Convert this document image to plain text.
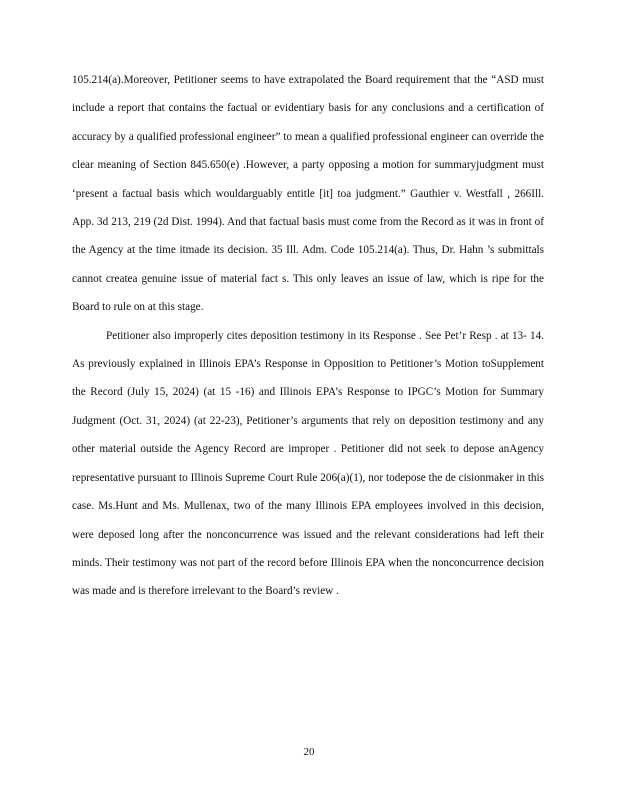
105.214(a).Moreover, Petitioner seems to have extrapolated the Board requirement that the “ASD must include a report that contains the factual or evidentiary basis for any conclusions and a certification of accuracy by a qualified professional engineer” to mean a qualified professional engineer can override the clear meaning of Section 845.650(e) .However, a party opposing a motion for summaryjudgment must ‘present a factual basis which wouldarguably entitle [it] toa judgment.” Gauthier v. Westfall , 266Ill. App. 3d 213, 219 (2d Dist. 1994). And that factual basis must come from the Record as it was in front of the Agency at the time itmade its decision. 35 Ill. Adm. Code 105.214(a). Thus, Dr. Hahn ’s submittals cannot createa genuine issue of material fact s. This only leaves an issue of law, which is ripe for the Board to rule on at this stage.

Petitioner also improperly cites deposition testimony in its Response . See Pet’r Resp . at 13- 14. As previously explained in Illinois EPA’s Response in Opposition to Petitioner’s Motion toSupplement the Record (July 15, 2024) (at 15 -16) and Illinois EPA’s Response to IPGC’s Motion for Summary Judgment (Oct. 31, 2024) (at 22-23), Petitioner’s arguments that rely on deposition testimony and any other material outside the Agency Record are improper . Petitioner did not seek to depose anAgency representative pursuant to Illinois Supreme Court Rule 206(a)(1), nor todepose the de cisionmaker in this case. Ms.Hunt and Ms. Mullenax, two of the many Illinois EPA employees involved in this decision, were deposed long after the nonconcurrence was issued and the relevant considerations had left their minds. Their testimony was not part of the record before Illinois EPA when the nonconcurrence decision was made and is therefore irrelevant to the Board’s review .

20
